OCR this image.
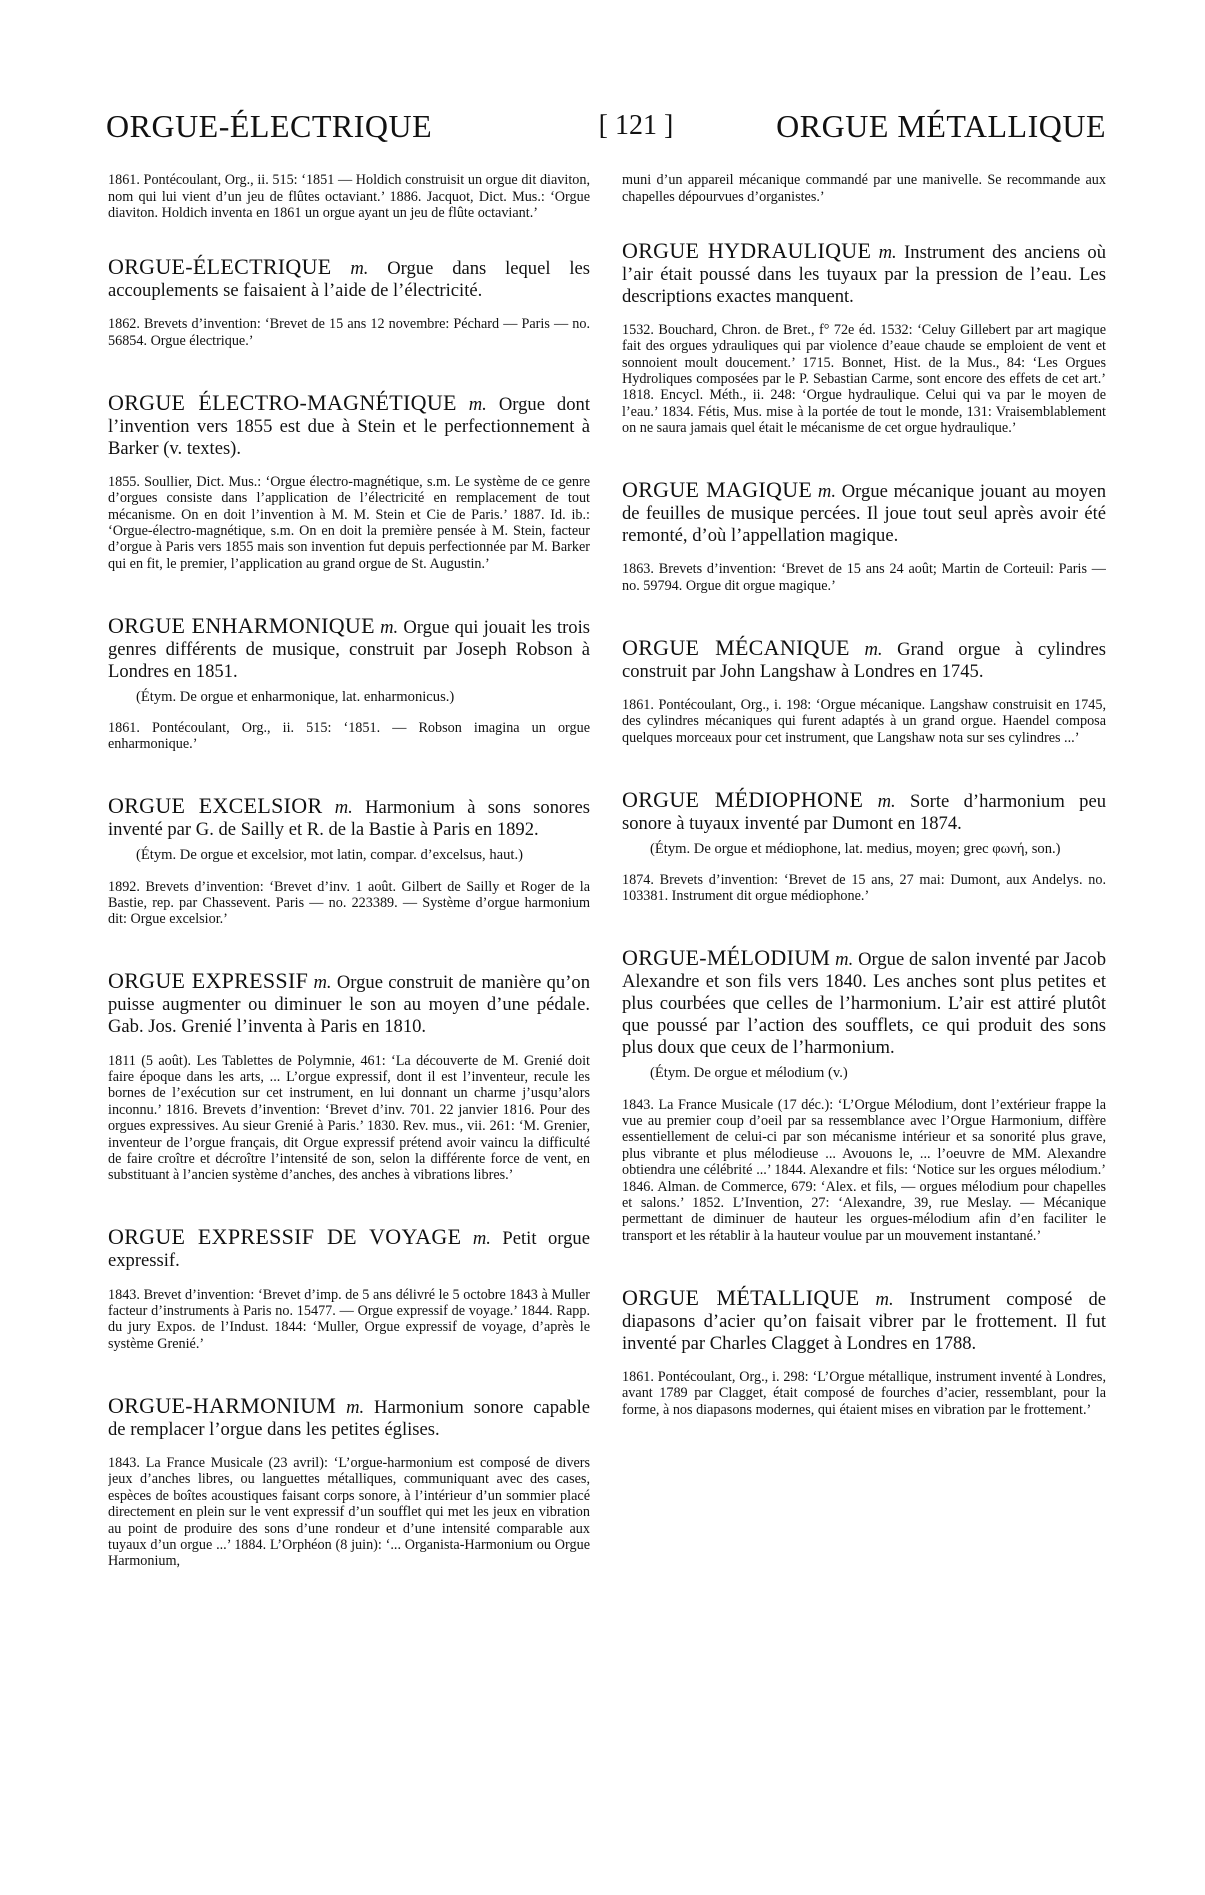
ORGUE-ÉLECTRIQUE	[ 121 ]	ORGUE MÉTALLIQUE

1861. Pontécoulant, Org., ii. 515: ‘1851 — Holdich construisit un orgue dit diaviton, nom qui lui vient d’un jeu de flûtes octaviant.’ 1886. Jacquot, Dict. Mus.: ‘Orgue diaviton. Holdich inventa en 1861 un orgue ayant un jeu de flûte octaviant.’

ORGUE-ÉLECTRIQUE m. Orgue dans lequel les accouplements se faisaient à l’aide de l’électricité.

1862. Brevets d’invention: ‘Brevet de 15 ans 12 novembre: Péchard — Paris — no. 56854. Orgue électrique.’

ORGUE ÉLECTRO-MAGNÉTIQUE m. Orgue dont l’invention vers 1855 est due à Stein et le perfectionnement à Barker (v. textes).

1855. Soullier, Dict. Mus.: ‘Orgue électro-magnétique, s.m. Le système de ce genre d’orgues consiste dans l’application de l’électricité en remplacement de tout mécanisme. On en doit l’invention à M. M. Stein et Cie de Paris.’ 1887. Id. ib.: ‘Orgue-électro-magnétique, s.m. On en doit la première pensée à M. Stein, facteur d’orgue à Paris vers 1855 mais son invention fut depuis perfectionnée par M. Barker qui en fit, le premier, l’application au grand orgue de St. Augustin.’

ORGUE ENHARMONIQUE m. Orgue qui jouait les trois genres différents de musique, construit par Joseph Robson à Londres en 1851.

(Étym. De orgue et enharmonique, lat. enharmonicus.)

1861. Pontécoulant, Org., ii. 515: ‘1851. — Robson imagina un orgue enharmonique.’

ORGUE EXCELSIOR m. Harmonium à sons sonores inventé par G. de Sailly et R. de la Bastie à Paris en 1892.

(Étym. De orgue et excelsior, mot latin, compar. d’excelsus, haut.)

1892. Brevets d’invention: ‘Brevet d’inv. 1 août. Gilbert de Sailly et Roger de la Bastie, rep. par Chassevent. Paris — no. 223389. — Système d’orgue harmonium dit: Orgue excelsior.’

ORGUE EXPRESSIF m. Orgue construit de manière qu’on puisse augmenter ou diminuer le son au moyen d’une pédale. Gab. Jos. Grenié l’inventa à Paris en 1810.

1811 (5 août). Les Tablettes de Polymnie, 461: ‘La découverte de M. Grenié doit faire époque dans les arts, ... L’orgue expressif, dont il est l’inventeur, recule les bornes de l’exécution sur cet instrument, en lui donnant un charme j’usqu’alors inconnu.’ 1816. Brevets d’invention: ‘Brevet d’inv. 701. 22 janvier 1816. Pour des orgues expressives. Au sieur Grenié à Paris.’ 1830. Rev. mus., vii. 261: ‘M. Grenier, inventeur de l’orgue français, dit Orgue expressif prétend avoir vaincu la difficulté de faire croître et décroître l’intensité de son, selon la différente force de vent, en substituant à l’ancien système d’anches, des anches à vibrations libres.’

ORGUE EXPRESSIF DE VOYAGE m. Petit orgue expressif.

1843. Brevet d’invention: ‘Brevet d’imp. de 5 ans délivré le 5 octobre 1843 à Muller facteur d’instruments à Paris no. 15477. — Orgue expressif de voyage.’ 1844. Rapp. du jury Expos. de l’Indust. 1844: ‘Muller, Orgue expressif de voyage, d’après le système Grenié.’

ORGUE-HARMONIUM m. Harmonium sonore capable de remplacer l’orgue dans les petites églises.

1843. La France Musicale (23 avril): ‘L’orgue-harmonium est composé de divers jeux d’anches libres, ou languettes métalliques, communiquant avec des cases, espèces de boîtes acoustiques faisant corps sonore, à l’intérieur d’un sommier placé directement en plein sur le vent expressif d’un soufflet qui met les jeux en vibration au point de produire des sons d’une rondeur et d’une intensité comparable aux tuyaux d’un orgue ...’ 1884. L’Orphéon (8 juin): ‘... Organista-Harmonium ou Orgue Harmonium,

muni d’un appareil mécanique commandé par une manivelle. Se recommande aux chapelles dépourvues d’organistes.’

ORGUE HYDRAULIQUE m. Instrument des anciens où l’air était poussé dans les tuyaux par la pression de l’eau. Les descriptions exactes manquent.

1532. Bouchard, Chron. de Bret., f° 72e éd. 1532: ‘Celuy Gillebert par art magique fait des orgues ydrauliques qui par violence d’eaue chaude se emploient de vent et sonnoient moult doucement.’ 1715. Bonnet, Hist. de la Mus., 84: ‘Les Orgues Hydroliques composées par le P. Sebastian Carme, sont encore des effets de cet art.’ 1818. Encycl. Méth., ii. 248: ‘Orgue hydraulique. Celui qui va par le moyen de l’eau.’ 1834. Fétis, Mus. mise à la portée de tout le monde, 131: Vraisemblablement on ne saura jamais quel était le mécanisme de cet orgue hydraulique.’

ORGUE MAGIQUE m. Orgue mécanique jouant au moyen de feuilles de musique percées. Il joue tout seul après avoir été remonté, d’où l’appellation magique.

1863. Brevets d’invention: ‘Brevet de 15 ans 24 août; Martin de Corteuil: Paris — no. 59794. Orgue dit orgue magique.’

ORGUE MÉCANIQUE m. Grand orgue à cylindres construit par John Langshaw à Londres en 1745.

1861. Pontécoulant, Org., i. 198: ‘Orgue mécanique. Langshaw construisit en 1745, des cylindres mécaniques qui furent adaptés à un grand orgue. Haendel composa quelques morceaux pour cet instrument, que Langshaw nota sur ses cylindres ...’

ORGUE MÉDIOPHONE m. Sorte d’harmonium peu sonore à tuyaux inventé par Dumont en 1874.

(Étym. De orgue et médiophone, lat. medius, moyen; grec φωνή, son.)

1874. Brevets d’invention: ‘Brevet de 15 ans, 27 mai: Dumont, aux Andelys. no. 103381. Instrument dit orgue médiophone.’

ORGUE-MÉLODIUM m. Orgue de salon inventé par Jacob Alexandre et son fils vers 1840. Les anches sont plus petites et plus courbées que celles de l’harmonium. L’air est attiré plutôt que poussé par l’action des soufflets, ce qui produit des sons plus doux que ceux de l’harmonium.

(Étym. De orgue et mélodium (v.)

1843. La France Musicale (17 déc.): ‘L’Orgue Mélodium, dont l’extérieur frappe la vue au premier coup d’oeil par sa ressemblance avec l’Orgue Harmonium, diffère essentiellement de celui-ci par son mécanisme intérieur et sa sonorité plus grave, plus vibrante et plus mélodieuse ... Avouons le, ... l’oeuvre de MM. Alexandre obtiendra une célébrité ...’ 1844. Alexandre et fils: ‘Notice sur les orgues mélodium.’ 1846. Alman. de Commerce, 679: ‘Alex. et fils, — orgues mélodium pour chapelles et salons.’ 1852. L’Invention, 27: ‘Alexandre, 39, rue Meslay. — Mécanique permettant de diminuer de hauteur les orgues-mélodium afin d’en faciliter le transport et les rétablir à la hauteur voulue par un mouvement instantané.’

ORGUE MÉTALLIQUE m. Instrument composé de diapasons d’acier qu’on faisait vibrer par le frottement. Il fut inventé par Charles Clagget à Londres en 1788.

1861. Pontécoulant, Org., i. 298: ‘L’Orgue métallique, instrument inventé à Londres, avant 1789 par Clagget, était composé de fourches d’acier, ressemblant, pour la forme, à nos diapasons modernes, qui étaient mises en vibration par le frottement.’
